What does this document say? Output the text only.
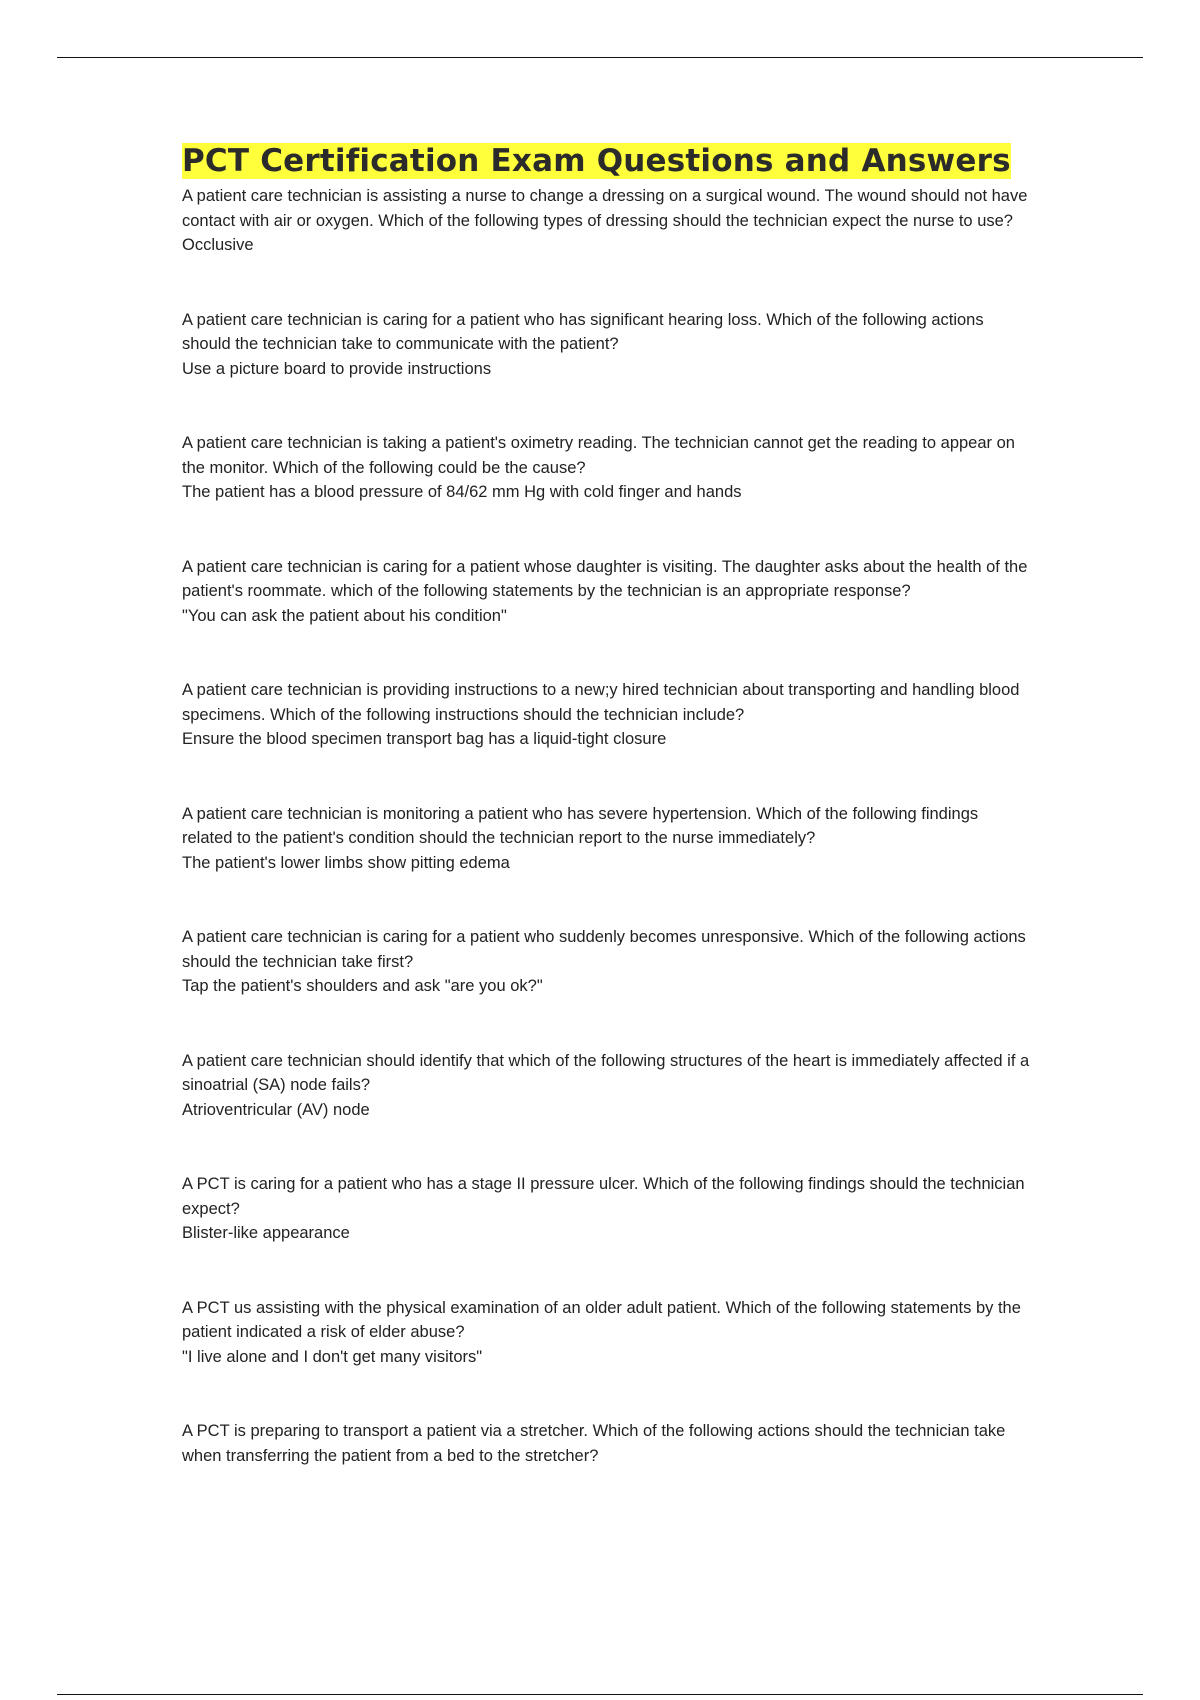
PCT Certification Exam Questions and Answers
A patient care technician is assisting a nurse to change a dressing on a surgical wound. The wound should not have contact with air or oxygen. Which of the following types of dressing should the technician expect the nurse to use?
Occlusive
A patient care technician is caring for a patient who has significant hearing loss. Which of the following actions should the technician take to communicate with the patient?
Use a picture board to provide instructions
A patient care technician is taking a patient's oximetry reading. The technician cannot get the reading to appear on the monitor. Which of the following could be the cause?
The patient has a blood pressure of 84/62 mm Hg with cold finger and hands
A patient care technician is caring for a patient whose daughter is visiting. The daughter asks about the health of the patient's roommate. which of the following statements by the technician is an appropriate response?
"You can ask the patient about his condition"
A patient care technician is providing instructions to a new;y hired technician about transporting and handling blood specimens. Which of the following instructions should the technician include?
Ensure the blood specimen transport bag has a liquid-tight closure
A patient care technician is monitoring a patient who has severe hypertension. Which of the following findings related to the patient's condition should the technician report to the nurse immediately?
The patient's lower limbs show pitting edema
A patient care technician is caring for a patient who suddenly becomes unresponsive. Which of the following actions should the technician take first?
Tap the patient's shoulders and ask "are you ok?"
A patient care technician should identify that which of the following structures of the heart is immediately affected if a sinoatrial (SA) node fails?
Atrioventricular (AV) node
A PCT is caring for a patient who has a stage II pressure ulcer. Which of the following findings should the technician expect?
Blister-like appearance
A PCT us assisting with the physical examination of an older adult patient. Which of the following statements by the patient indicated a risk of elder abuse?
"I live alone and I don't get many visitors"
A PCT is preparing to transport a patient via a stretcher. Which of the following actions should the technician take when transferring the patient from a bed to the stretcher?
